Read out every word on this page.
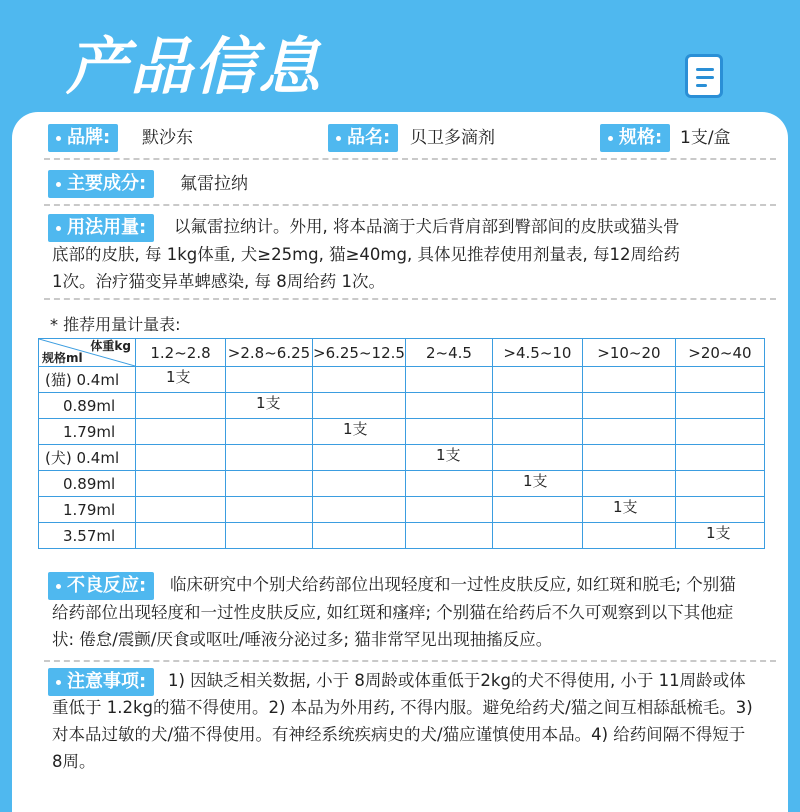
产品信息
品牌:	默沙东	品名:	贝卫多滴剂	规格:	1支/盒
主要成分:	氟雷拉纳
用法用量:	以氟雷拉纳计。外用, 将本品滴于犬后背肩部到臀部间的皮肤或猫头骨
底部的皮肤, 每 1kg体重, 犬≥25mg, 猫≥40mg, 具体见推荐使用剂量表, 每12周给药
1次。治疗猫变异革蜱感染, 每 8周给药 1次。
* 推荐用量计量表:
体重kg
规格ml	1.2~2.8	>2.8~6.25	>6.25~12.5	2~4.5	>4.5~10	>10~20	>20~40
(猫) 0.4ml	1支						
0.89ml		1支					
1.79ml			1支				
(犬) 0.4ml				1支			
0.89ml					1支		
1.79ml						1支	
3.57ml							1支
不良反应:	临床研究中个别犬给药部位出现轻度和一过性皮肤反应, 如红斑和脱毛; 个别猫
给药部位出现轻度和一过性皮肤反应, 如红斑和瘙痒; 个别猫在给药后不久可观察到以下其他症
状: 倦怠/震颤/厌食或呕吐/唾液分泌过多; 猫非常罕见出现抽搐反应。
注意事项:	1) 因缺乏相关数据, 小于 8周龄或体重低于2kg的犬不得使用, 小于 11周龄或体
重低于 1.2kg的猫不得使用。2) 本品为外用药, 不得内服。避免给药犬/猫之间互相舔舐梳毛。3)
对本品过敏的犬/猫不得使用。有神经系统疾病史的犬/猫应谨慎使用本品。4) 给药间隔不得短于
8周。
